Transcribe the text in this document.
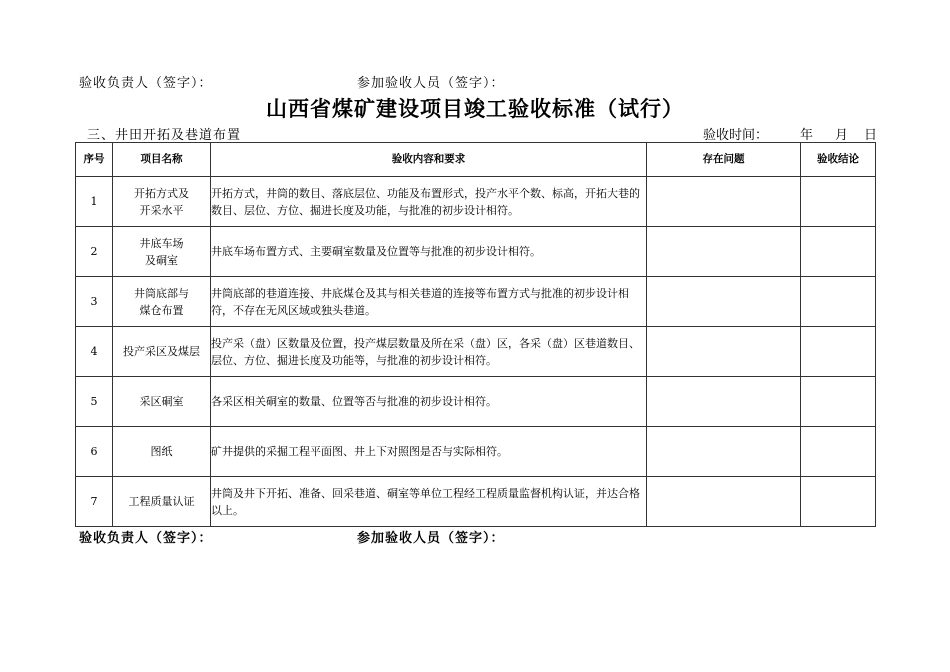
验收负责人（签字）：	参加验收人员（签字）：
山西省煤矿建设项目竣工验收标准（试行）
三、井田开拓及巷道布置	验收时间： 年 月 日
序号	项目名称	验收内容和要求	存在问题	验收结论
1	开拓方式及
开采水平	开拓方式，井筒的数目、落底层位、功能及布置形式，投产水平个数、标高，开拓大巷的数目、层位、方位、掘进长度及功能，与批准的初步设计相符。		
2	井底车场
及硐室	井底车场布置方式、主要硐室数量及位置等与批准的初步设计相符。		
3	井筒底部与
煤仓布置	井筒底部的巷道连接、井底煤仓及其与相关巷道的连接等布置方式与批准的初步设计相符，不存在无风区域或独头巷道。		
4	投产采区及煤层	投产采（盘）区数量及位置，投产煤层数量及所在采（盘）区，各采（盘）区巷道数目、层位、方位、掘进长度及功能等，与批准的初步设计相符。		
5	采区硐室	各采区相关硐室的数量、位置等否与批准的初步设计相符。		
6	图纸	矿井提供的采掘工程平面图、井上下对照图是否与实际相符。		
7	工程质量认证	井筒及井下开拓、准备、回采巷道、硐室等单位工程经工程质量监督机构认证，并达合格以上。		
验收负责人（签字）：	参加验收人员（签字）：
